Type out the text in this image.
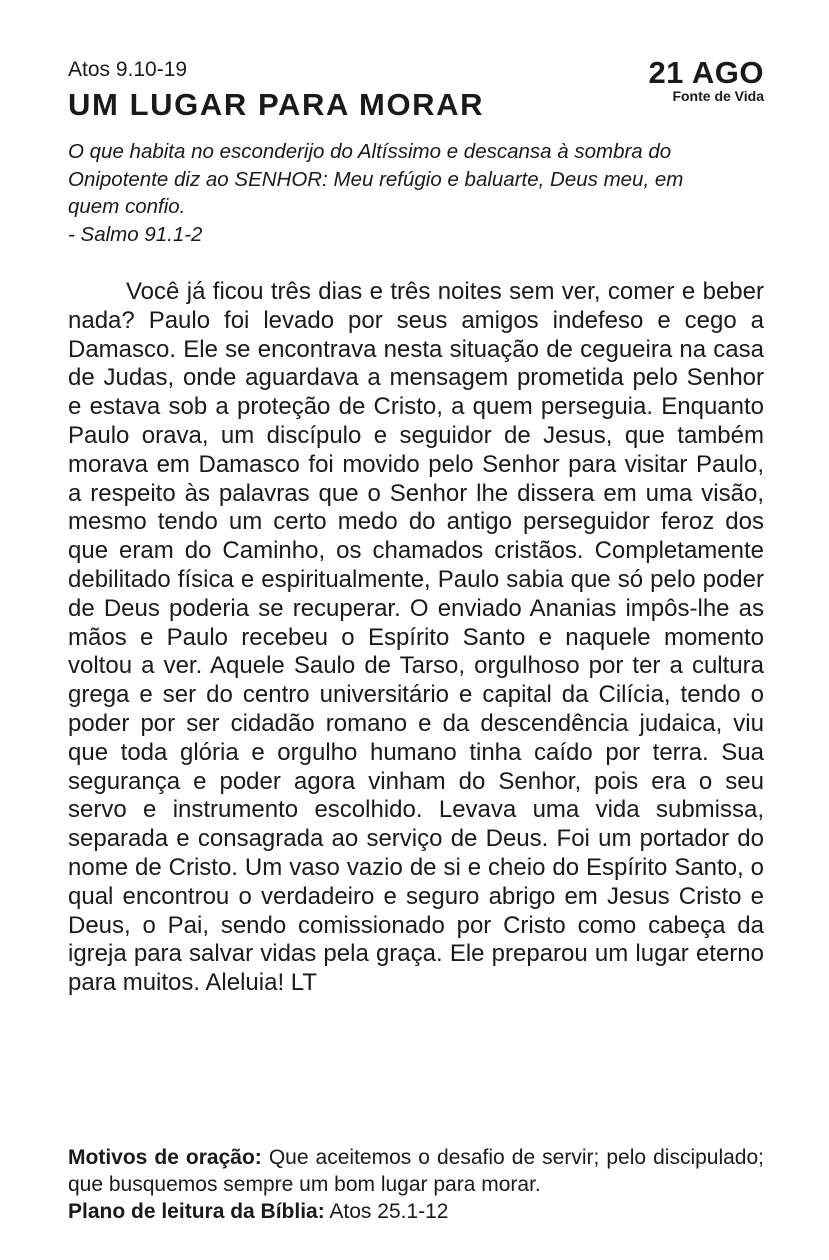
Atos 9.10-19
UM LUGAR PARA MORAR
21 AGO
Fonte de Vida
O que habita no esconderijo do Altíssimo e descansa à sombra do Onipotente diz ao SENHOR: Meu refúgio e baluarte, Deus meu, em quem confio.
- Salmo 91.1-2
Você já ficou três dias e três noites sem ver, comer e beber nada? Paulo foi levado por seus amigos indefeso e cego a Damasco. Ele se encontrava nesta situação de cegueira na casa de Judas, onde aguardava a mensagem prometida pelo Senhor e estava sob a proteção de Cristo, a quem perseguia. Enquanto Paulo orava, um discípulo e seguidor de Jesus, que também morava em Damasco foi movido pelo Senhor para visitar Paulo, a respeito às palavras que o Senhor lhe dissera em uma visão, mesmo tendo um certo medo do antigo perseguidor feroz dos que eram do Caminho, os chamados cristãos. Completamente debilitado física e espiritualmente, Paulo sabia que só pelo poder de Deus poderia se recuperar. O enviado Ananias impôs-lhe as mãos e Paulo recebeu o Espírito Santo e naquele momento voltou a ver. Aquele Saulo de Tarso, orgulhoso por ter a cultura grega e ser do centro universitário e capital da Cilícia, tendo o poder por ser cidadão romano e da descendência judaica, viu que toda glória e orgulho humano tinha caído por terra. Sua segurança e poder agora vinham do Senhor, pois era o seu servo e instrumento escolhido. Levava uma vida submissa, separada e consagrada ao serviço de Deus. Foi um portador do nome de Cristo. Um vaso vazio de si e cheio do Espírito Santo, o qual encontrou o verdadeiro e seguro abrigo em Jesus Cristo e Deus, o Pai, sendo comissionado por Cristo como cabeça da igreja para salvar vidas pela graça. Ele preparou um lugar eterno para muitos. Aleluia! LT
Motivos de oração: Que aceitemos o desafio de servir; pelo discipulado; que busquemos sempre um bom lugar para morar.
Plano de leitura da Bíblia: Atos 25.1-12
